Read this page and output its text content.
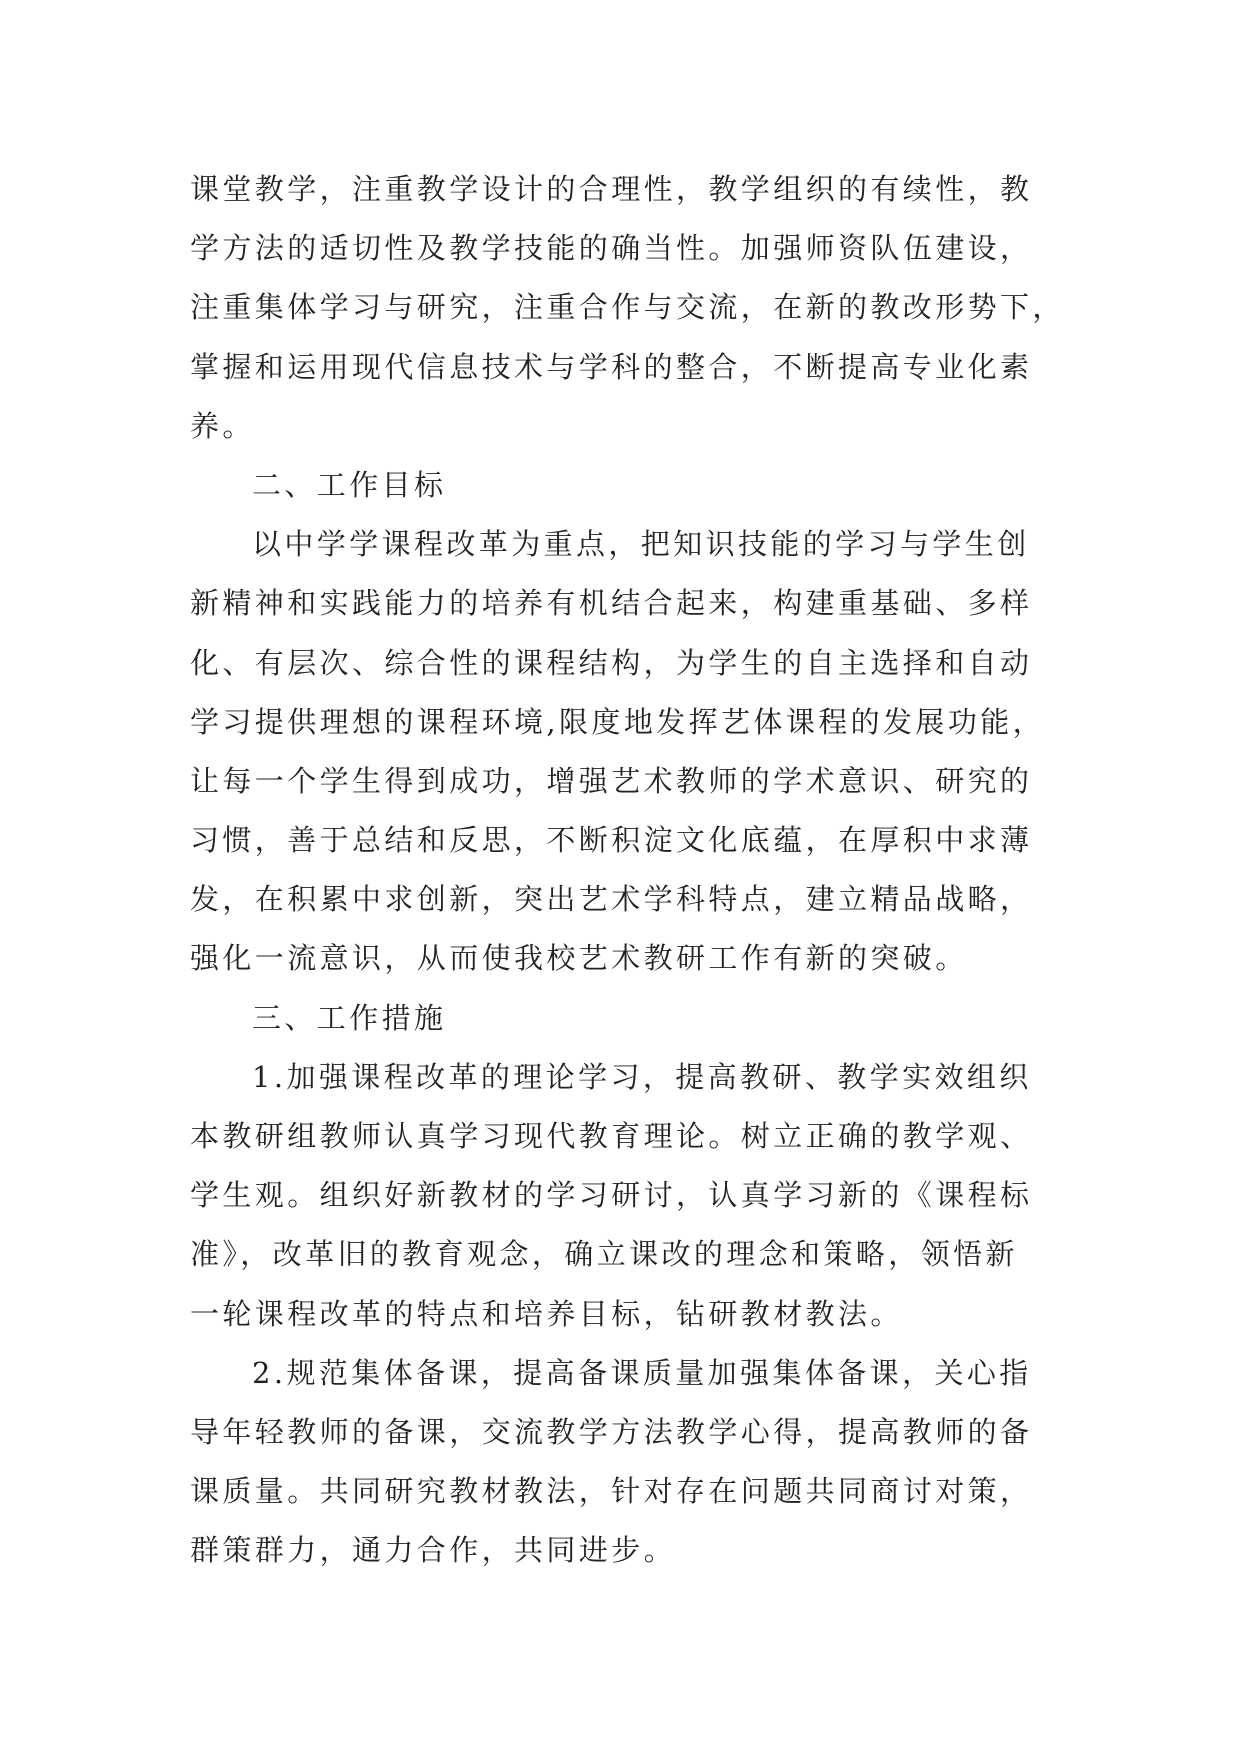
课堂教学，注重教学设计的合理性，教学组织的有续性，教
学方法的适切性及教学技能的确当性。加强师资队伍建设，
注重集体学习与研究，注重合作与交流，在新的教改形势下，
掌握和运用现代信息技术与学科的整合，不断提高专业化素
养。
二、工作目标
以中学学课程改革为重点，把知识技能的学习与学生创
新精神和实践能力的培养有机结合起来，构建重基础、多样
化、有层次、综合性的课程结构，为学生的自主选择和自动
学习提供理想的课程环境,限度地发挥艺体课程的发展功能，
让每一个学生得到成功，增强艺术教师的学术意识、研究的
习惯，善于总结和反思，不断积淀文化底蕴，在厚积中求薄
发，在积累中求创新，突出艺术学科特点，建立精品战略，
强化一流意识，从而使我校艺术教研工作有新的突破。
三、工作措施
1.加强课程改革的理论学习，提高教研、教学实效组织
本教研组教师认真学习现代教育理论。树立正确的教学观、
学生观。组织好新教材的学习研讨，认真学习新的《课程标
准》，改革旧的教育观念，确立课改的理念和策略，领悟新
一轮课程改革的特点和培养目标，钻研教材教法。
2.规范集体备课，提高备课质量加强集体备课，关心指
导年轻教师的备课，交流教学方法教学心得，提高教师的备
课质量。共同研究教材教法，针对存在问题共同商讨对策，
群策群力，通力合作，共同进步。
